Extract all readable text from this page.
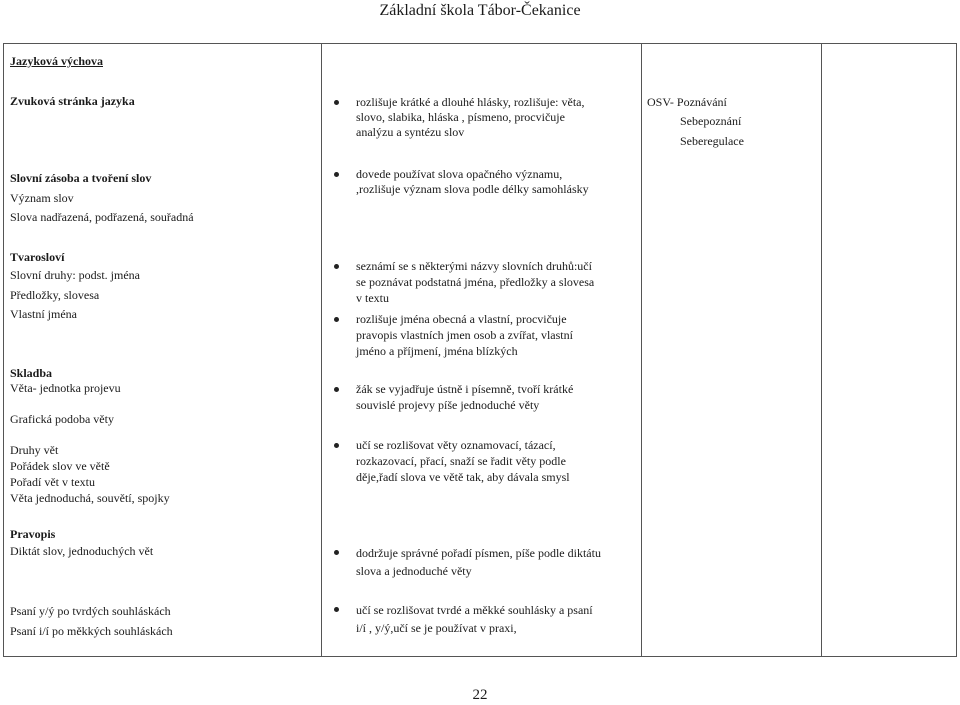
Základní škola Tábor-Čekanice
Jazyková výchova
Zvuková stránka jazyka
Slovní zásoba a tvoření slov
Význam slov
Slova nadřazená, podřazená, souřadná
Tvarosloví
Slovní druhy: podst. jména
Předložky, slovesa
Vlastní jména
Skladba
Věta- jednotka projevu
Grafická podoba věty
Druhy vět
Pořádek slov ve větě
Pořadí vět v textu
Věta jednoduchá, souvětí, spojky
Pravopis
Diktát slov, jednoduchých vět
Psaní y/ý po tvrdých souhláskách
Psaní i/í po měkkých souhláskách
rozlišuje krátké a dlouhé hlásky, rozlišuje: věta,
slovo, slabika, hláska , písmeno, procvičuje
analýzu a syntézu slov
dovede používat slova opačného významu,
,rozlišuje význam slova podle délky samohlásky
seznámí se s některými názvy slovních druhů:učí
se poznávat podstatná jména, předložky a slovesa
v textu
rozlišuje jména obecná a vlastní, procvičuje
pravopis vlastních jmen osob a zvířat, vlastní
jméno a příjmení, jména blízkých
žák se vyjadřuje ústně i písemně, tvoří krátké
souvislé projevy píše jednoduché věty
učí se rozlišovat věty oznamovací, tázací,
rozkazovací, přací, snaží se řadit věty podle
děje,řadí slova ve větě tak, aby dávala smysl
dodržuje správné pořadí písmen, píše podle diktátu
slova a jednoduché věty
učí se rozlišovat tvrdé a měkké souhlásky a psaní
i/í , y/ý,učí se je používat v praxi,
OSV- Poznávání
Sebepoznání
Seberegulace
22
